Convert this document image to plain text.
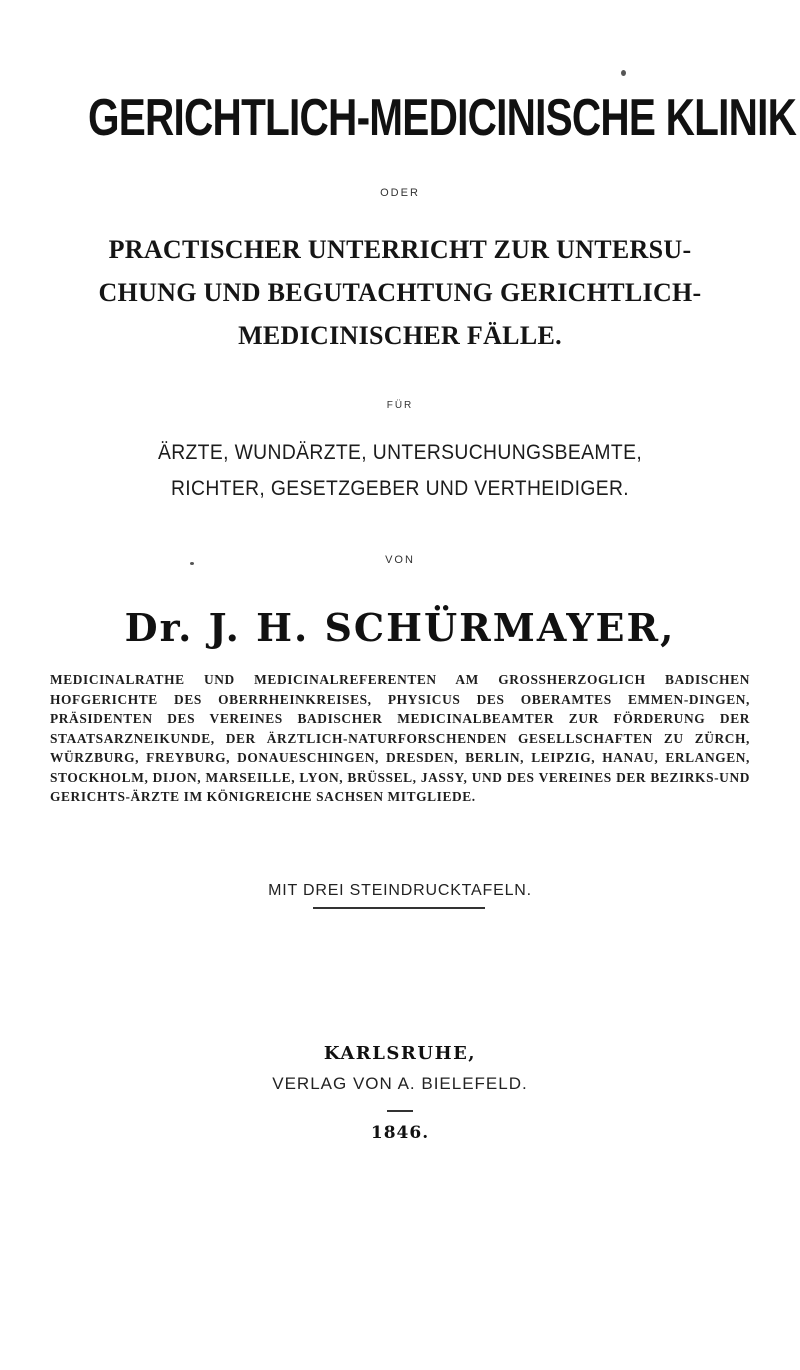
GERICHTLICH-MEDICINISCHE KLINIK
ODER
PRACTISCHER UNTERRICHT ZUR UNTERSU-
CHUNG UND BEGUTACHTUNG GERICHTLICH-
MEDICINISCHER FÄLLE.
FÜR
ÄRZTE, WUNDÄRZTE, UNTERSUCHUNGSBEAMTE,
RICHTER, GESETZGEBER UND VERTHEIDIGER.
VON
Dr. J. H. SCHÜRMAYER,
MEDICINALRATHE UND MEDICINALREFERENTEN AM GROSSHERZOGLICH BADISCHEN HOFGERICHTE DES OBERRHEINKREISES, PHYSICUS DES OBERAMTES EMMEN-DINGEN, PRÄSIDENTEN DES VEREINES BADISCHER MEDICINALBEAMTER ZUR FÖRDERUNG DER STAATSARZNEIKUNDE, DER ÄRZTLICH-NATURFORSCHENDEN GESELLSCHAFTEN ZU ZÜRCH, WÜRZBURG, FREYBURG, DONAUESCHINGEN, DRESDEN, BERLIN, LEIPZIG, HANAU, ERLANGEN, STOCKHOLM, DIJON, MARSEILLE, LYON, BRÜSSEL, JASSY, UND DES VEREINES DER BEZIRKS-UND GERICHTS-ÄRZTE IM KÖNIGREICHE SACHSEN MITGLIEDE.
MIT DREI STEINDRUCKTAFELN.
KARLSRUHE,
VERLAG VON A. BIELEFELD.
1846.
